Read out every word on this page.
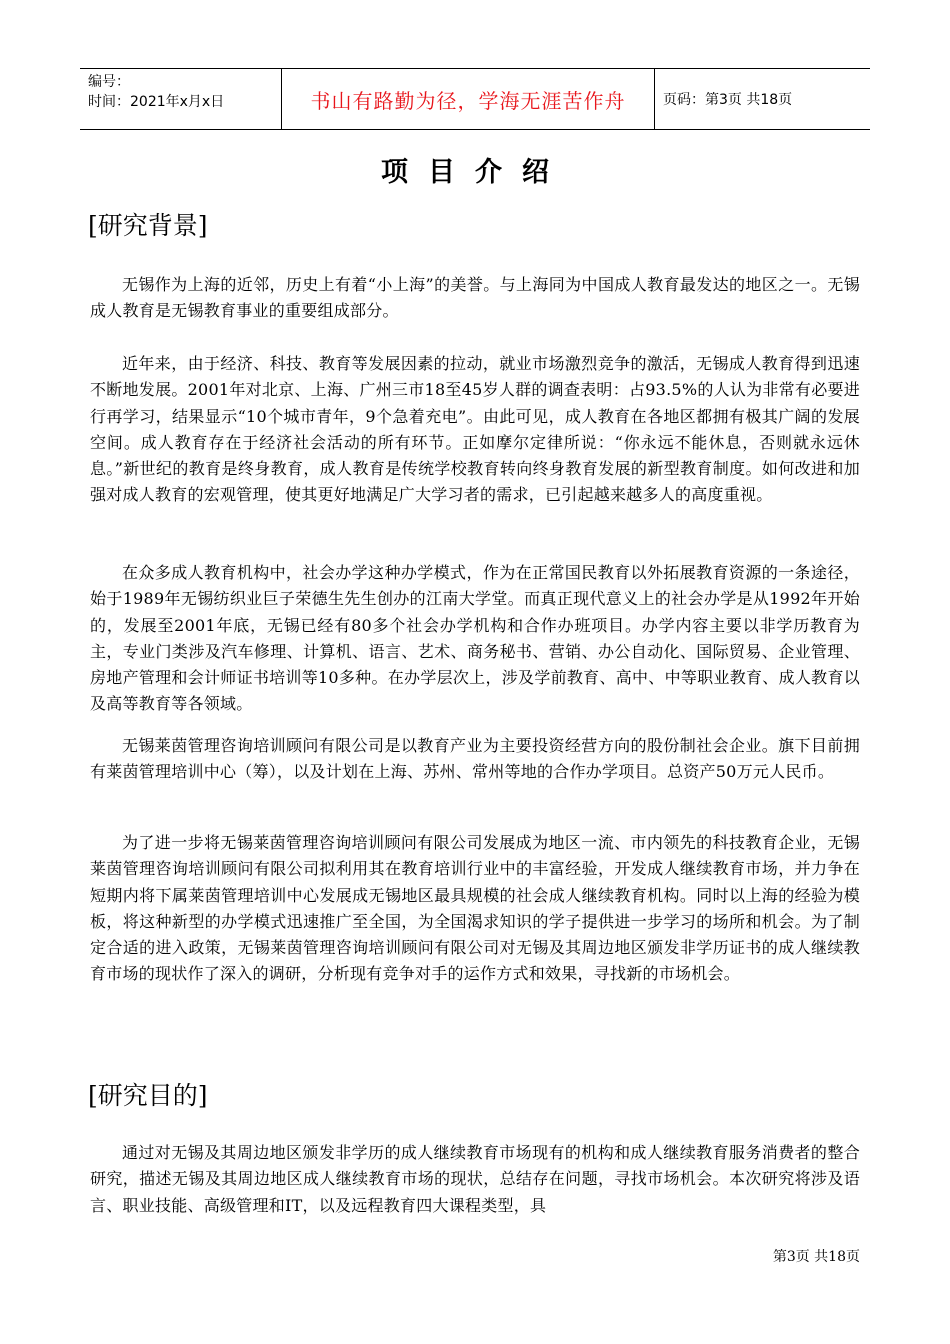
编号：
时间：2021年x月x日	书山有路勤为径，学海无涯苦作舟	页码：第3页 共18页
项目介绍
[研究背景]

无锡作为上海的近邻，历史上有着“小上海”的美誉。与上海同为中国成人教育最发达的地区之一。无锡成人教育是无锡教育事业的重要组成部分。

近年来，由于经济、科技、教育等发展因素的拉动，就业市场激烈竞争的激活，无锡成人教育得到迅速不断地发展。2001年对北京、上海、广州三市18至45岁人群的调查表明：占93.5%的人认为非常有必要进行再学习，结果显示“10个城市青年，9个急着充电”。由此可见，成人教育在各地区都拥有极其广阔的发展空间。成人教育存在于经济社会活动的所有环节。正如摩尔定律所说：“你永远不能休息，否则就永远休息。”新世纪的教育是终身教育，成人教育是传统学校教育转向终身教育发展的新型教育制度。如何改进和加强对成人教育的宏观管理，使其更好地满足广大学习者的需求，已引起越来越多人的高度重视。

在众多成人教育机构中，社会办学这种办学模式，作为在正常国民教育以外拓展教育资源的一条途径，始于1989年无锡纺织业巨子荣德生先生创办的江南大学堂。而真正现代意义上的社会办学是从1992年开始的，发展至2001年底，无锡已经有80多个社会办学机构和合作办班项目。办学内容主要以非学历教育为主，专业门类涉及汽车修理、计算机、语言、艺术、商务秘书、营销、办公自动化、国际贸易、企业管理、房地产管理和会计师证书培训等10多种。在办学层次上，涉及学前教育、高中、中等职业教育、成人教育以及高等教育等各领域。

无锡莱茵管理咨询培训顾问有限公司是以教育产业为主要投资经营方向的股份制社会企业。旗下目前拥有莱茵管理培训中心（筹），以及计划在上海、苏州、常州等地的合作办学项目。总资产50万元人民币。

为了进一步将无锡莱茵管理咨询培训顾问有限公司发展成为地区一流、市内领先的科技教育企业，无锡莱茵管理咨询培训顾问有限公司拟利用其在教育培训行业中的丰富经验，开发成人继续教育市场，并力争在短期内将下属莱茵管理培训中心发展成无锡地区最具规模的社会成人继续教育机构。同时以上海的经验为模板，将这种新型的办学模式迅速推广至全国，为全国渴求知识的学子提供进一步学习的场所和机会。为了制定合适的进入政策，无锡莱茵管理咨询培训顾问有限公司对无锡及其周边地区颁发非学历证书的成人继续教育市场的现状作了深入的调研，分析现有竞争对手的运作方式和效果，寻找新的市场机会。

[研究目的]

通过对无锡及其周边地区颁发非学历的成人继续教育市场现有的机构和成人继续教育服务消费者的整合研究，描述无锡及其周边地区成人继续教育市场的现状，总结存在问题，寻找市场机会。本次研究将涉及语言、职业技能、高级管理和IT，以及远程教育四大课程类型，具

第3页 共18页
